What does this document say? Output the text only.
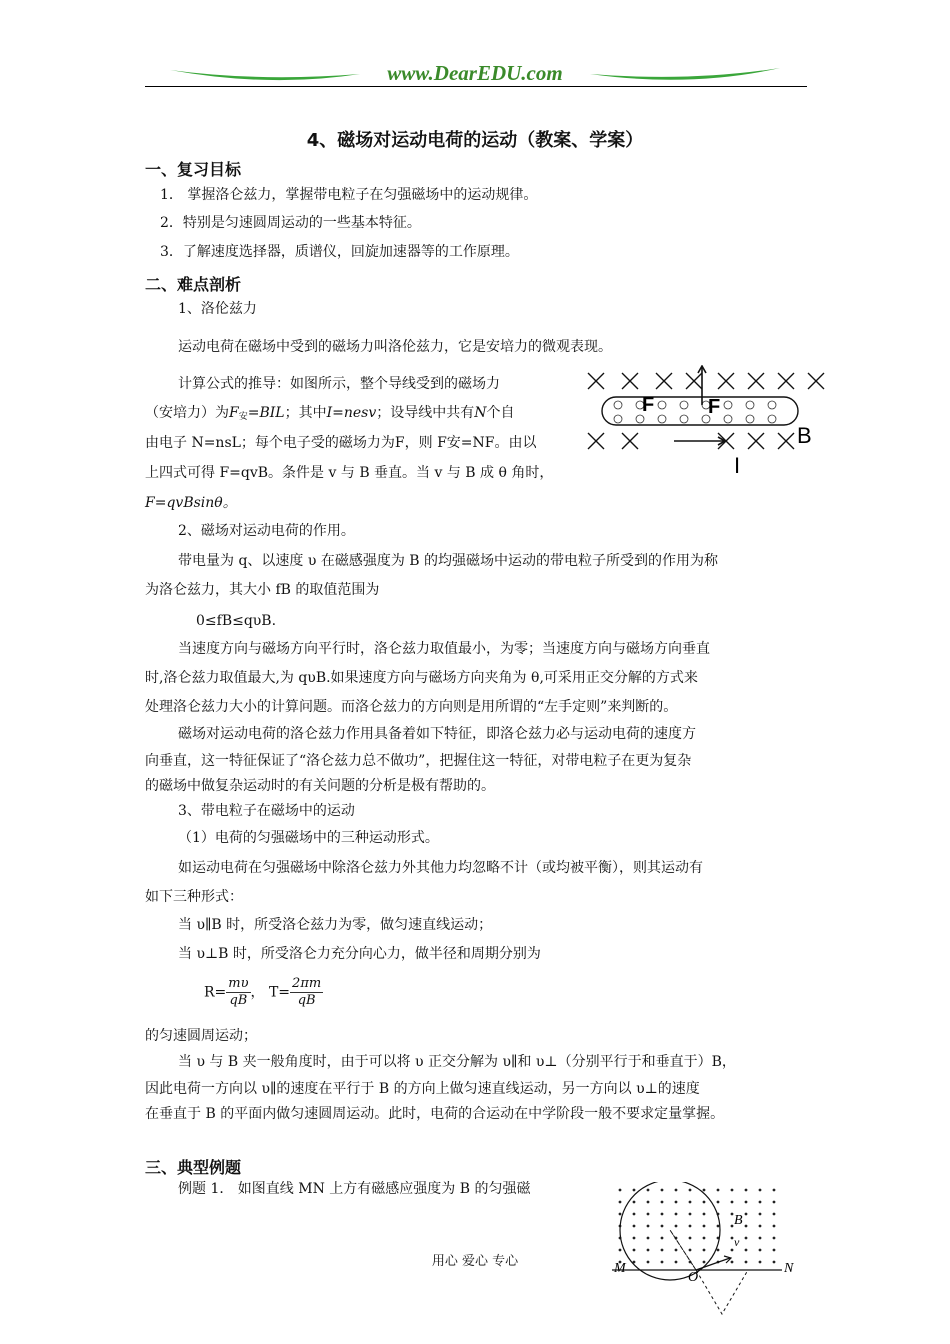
www.DearEDU.com
4、磁场对运动电荷的运动（教案、学案）
一、复习目标
1． 掌握洛仑兹力，掌握带电粒子在匀强磁场中的运动规律。
2．特别是匀速圆周运动的一些基本特征。
3．了解速度选择器，质谱仪，回旋加速器等的工作原理。
二、难点剖析
1、洛伦兹力
运动电荷在磁场中受到的磁场力叫洛伦兹力，它是安培力的微观表现。
计算公式的推导：如图所示，整个导线受到的磁场力
（安培力）为$F_安=BIL$；其中I=nesv；设导线中共有N个自
由电子 N=nsL；每个电子受的磁场力为F，则 F安=NF。由以
上四式可得 F=qvB。条件是 v 与 B 垂直。当 v 与 B 成 θ 角时，
F=qvBsinθ。
F	F
B
I
2、磁场对运动电荷的作用。
带电量为 q、以速度 υ 在磁感强度为 B 的均强磁场中运动的带电粒子所受到的作用为称
为洛仑兹力，其大小 fB 的取值范围为
0≤fB≤qυB.
当速度方向与磁场方向平行时，洛仑兹力取值最小，为零；当速度方向与磁场方向垂直
时,洛仑兹力取值最大,为 qυB.如果速度方向与磁场方向夹角为 θ,可采用正交分解的方式来
处理洛仑兹力大小的计算问题。而洛仑兹力的方向则是用所谓的“左手定则”来判断的。
磁场对运动电荷的洛仑兹力作用具备着如下特征，即洛仑兹力必与运动电荷的速度方
向垂直，这一特征保证了“洛仑兹力总不做功”，把握住这一特征，对带电粒子在更为复杂
的磁场中做复杂运动时的有关问题的分析是极有帮助的。
3、带电粒子在磁场中的运动
（1）电荷的匀强磁场中的三种运动形式。
如运动电荷在匀强磁场中除洛仑兹力外其他力均忽略不计（或均被平衡），则其运动有
如下三种形式：
当 υ∥B 时，所受洛仑兹力为零，做匀速直线运动；
当 υ⊥B 时，所受洛仑力充分向心力，做半径和周期分别为
$R= \frac{m\upsilon}{qB}$， $T= \frac{2\pi m}{qB}$
的匀速圆周运动；
当 υ 与 B 夹一般角度时，由于可以将 υ 正交分解为 υ∥和 υ⊥（分别平行于和垂直于）B，
因此电荷一方向以 υ∥的速度在平行于 B 的方向上做匀速直线运动，另一方向以 υ⊥的速度
在垂直于 B 的平面内做匀速圆周运动。此时，电荷的合运动在中学阶段一般不要求定量掌握。
三、典型例题
例题 1． 如图直线 MN 上方有磁感应强度为 B 的匀强磁
B
v
M
O
N
用心 爱心 专心
